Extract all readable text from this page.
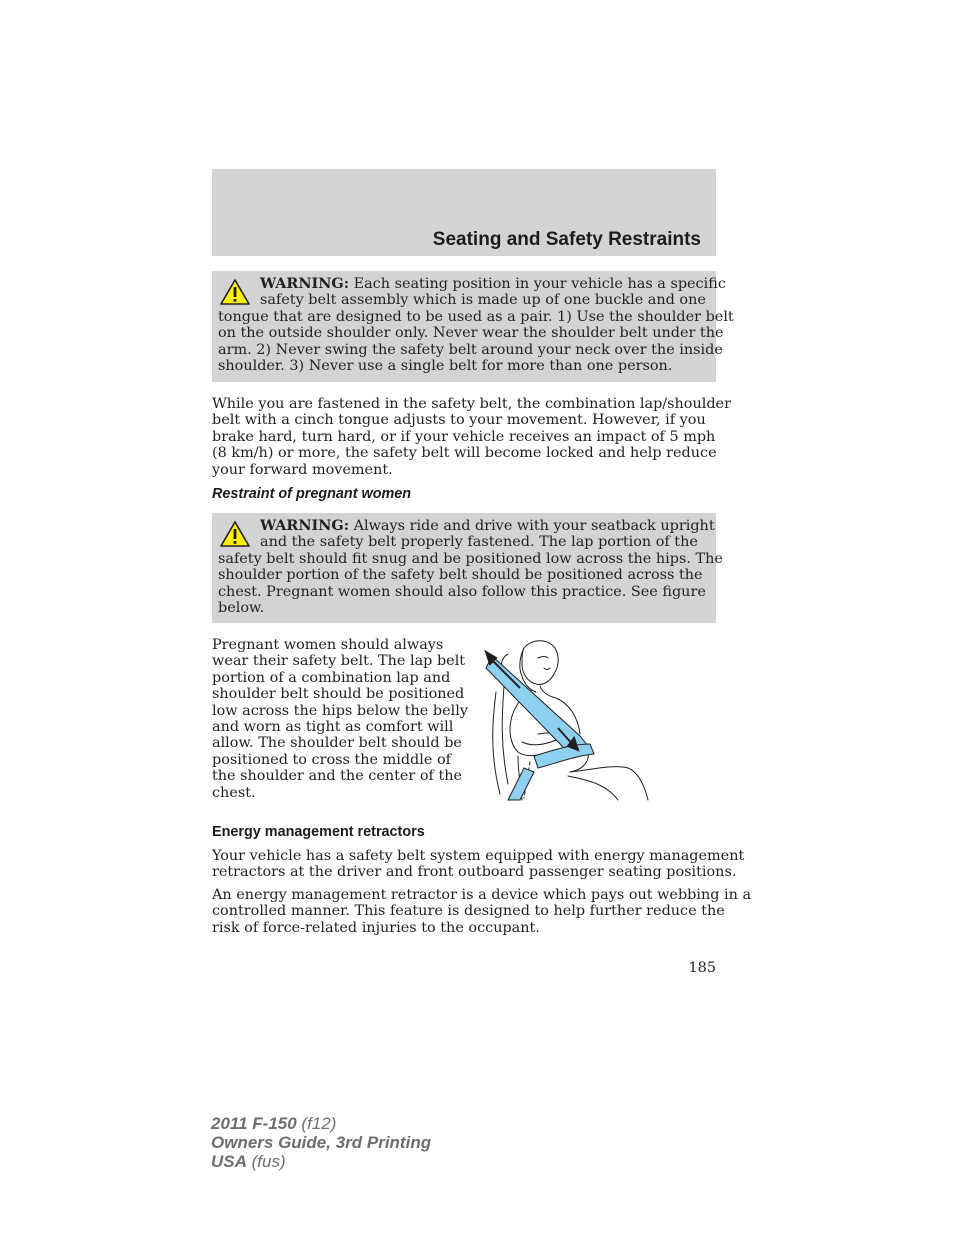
Seating and Safety Restraints

WARNING: Each seating position in your vehicle has a specific

safety belt assembly which is made up of one buckle and one

tongue that are designed to be used as a pair. 1) Use the shoulder belt
on the outside shoulder only. Never wear the shoulder belt under the
arm. 2) Never swing the safety belt around your neck over the inside
shoulder. 3) Never use a single belt for more than one person.

While you are fastened in the safety belt, the combination lap/shoulder
belt with a cinch tongue adjusts to your movement. However, if you
brake hard, turn hard, or if your vehicle receives an impact of 5 mph
(8 km/h) or more, the safety belt will become locked and help reduce
your forward movement.

Restraint of pregnant women

WARNING: Always ride and drive with your seatback upright

and the safety belt properly fastened. The lap portion of the

safety belt should fit snug and be positioned low across the hips. The
shoulder portion of the safety belt should be positioned across the
chest. Pregnant women should also follow this practice. See figure
below.

Pregnant women should always
wear their safety belt. The lap belt
portion of a combination lap and
shoulder belt should be positioned
low across the hips below the belly
and worn as tight as comfort will
allow. The shoulder belt should be
positioned to cross the middle of
the shoulder and the center of the
chest.

Energy management retractors

Your vehicle has a safety belt system equipped with energy management
retractors at the driver and front outboard passenger seating positions.

An energy management retractor is a device which pays out webbing in a
controlled manner. This feature is designed to help further reduce the
risk of force-related injuries to the occupant.

185
2011 F-150 (f12)
Owners Guide, 3rd Printing
USA (fus)
